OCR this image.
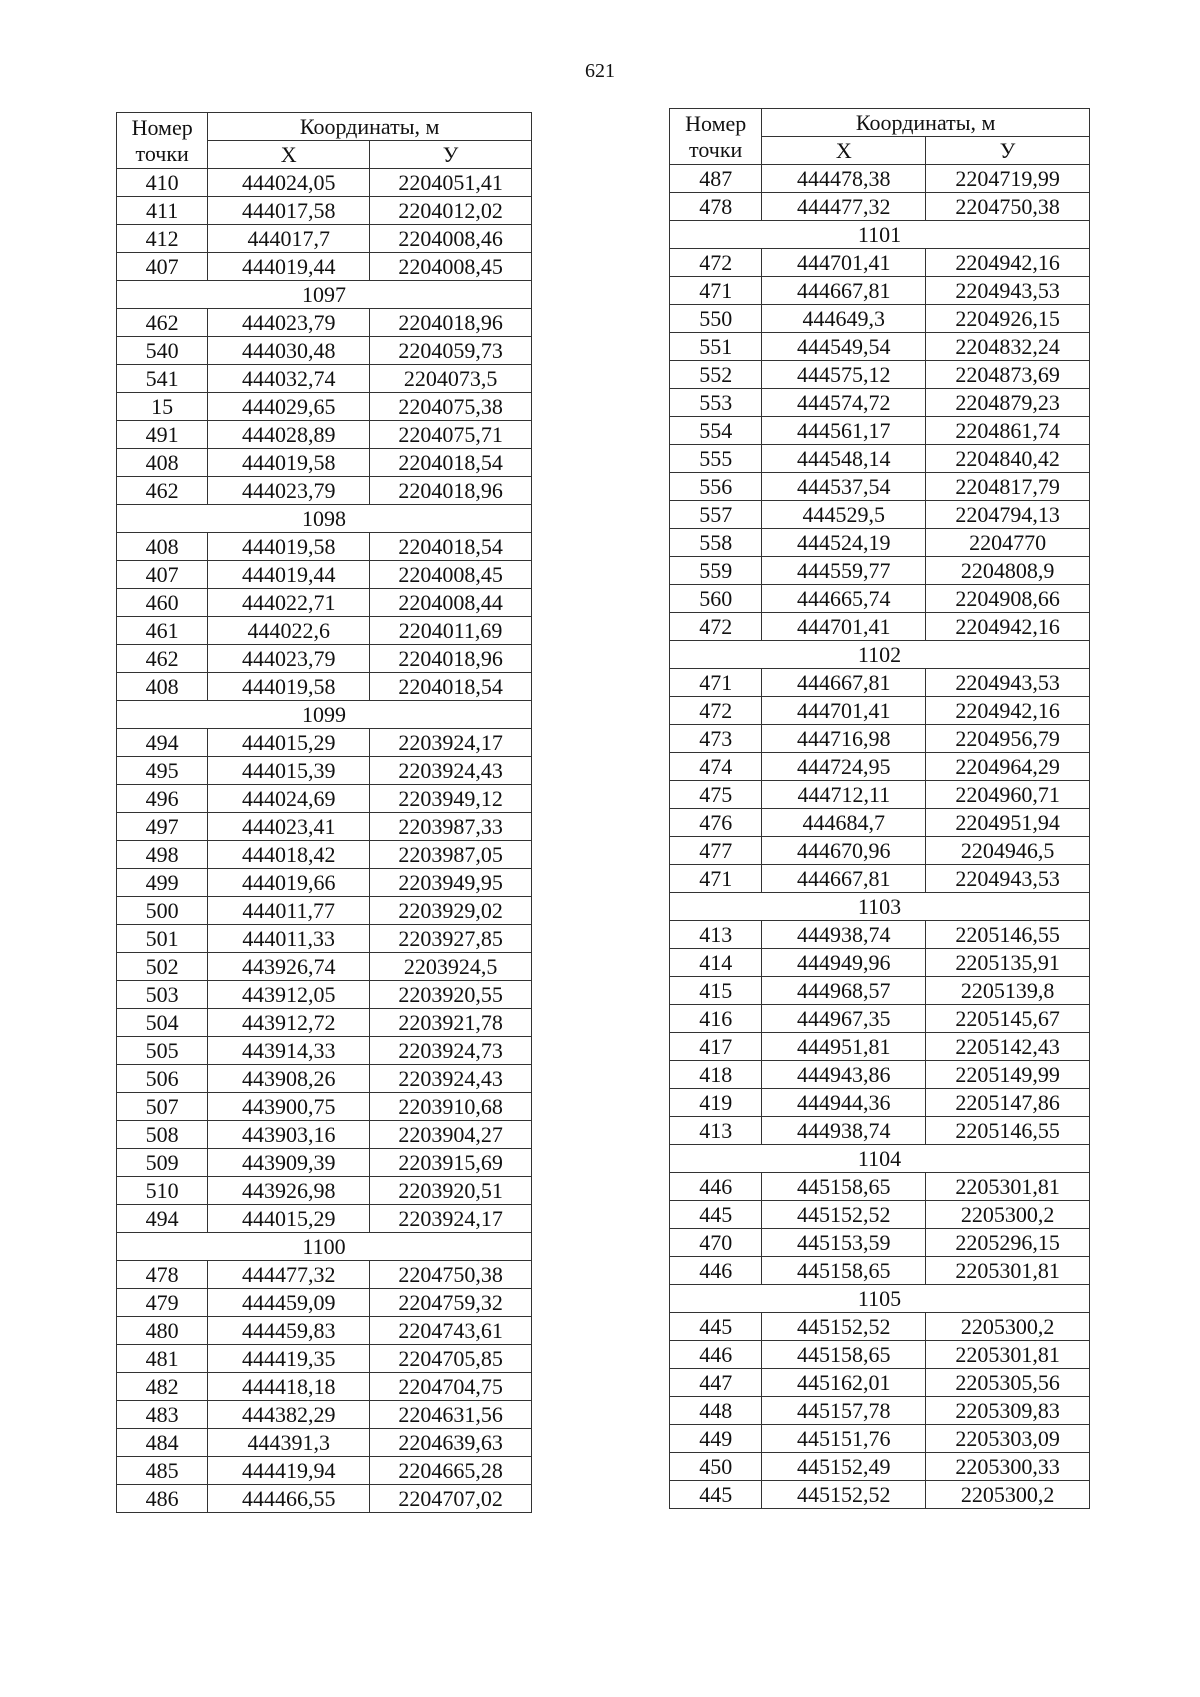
621
Номер точки	Координаты, м	
	Х	У
410	444024,05	2204051,41
411	444017,58	2204012,02
412	444017,7	2204008,46
407	444019,44	2204008,45
1097		
462	444023,79	2204018,96
540	444030,48	2204059,73
541	444032,74	2204073,5
15	444029,65	2204075,38
491	444028,89	2204075,71
408	444019,58	2204018,54
462	444023,79	2204018,96
1098		
408	444019,58	2204018,54
407	444019,44	2204008,45
460	444022,71	2204008,44
461	444022,6	2204011,69
462	444023,79	2204018,96
408	444019,58	2204018,54
1099		
494	444015,29	2203924,17
495	444015,39	2203924,43
496	444024,69	2203949,12
497	444023,41	2203987,33
498	444018,42	2203987,05
499	444019,66	2203949,95
500	444011,77	2203929,02
501	444011,33	2203927,85
502	443926,74	2203924,5
503	443912,05	2203920,55
504	443912,72	2203921,78
505	443914,33	2203924,73
506	443908,26	2203924,43
507	443900,75	2203910,68
508	443903,16	2203904,27
509	443909,39	2203915,69
510	443926,98	2203920,51
494	444015,29	2203924,17
1100		
478	444477,32	2204750,38
479	444459,09	2204759,32
480	444459,83	2204743,61
481	444419,35	2204705,85
482	444418,18	2204704,75
483	444382,29	2204631,56
484	444391,3	2204639,63
485	444419,94	2204665,28
486	444466,55	2204707,02
Номер точки	Координаты, м	
	Х	У
487	444478,38	2204719,99
478	444477,32	2204750,38
1101		
472	444701,41	2204942,16
471	444667,81	2204943,53
550	444649,3	2204926,15
551	444549,54	2204832,24
552	444575,12	2204873,69
553	444574,72	2204879,23
554	444561,17	2204861,74
555	444548,14	2204840,42
556	444537,54	2204817,79
557	444529,5	2204794,13
558	444524,19	2204770
559	444559,77	2204808,9
560	444665,74	2204908,66
472	444701,41	2204942,16
1102		
471	444667,81	2204943,53
472	444701,41	2204942,16
473	444716,98	2204956,79
474	444724,95	2204964,29
475	444712,11	2204960,71
476	444684,7	2204951,94
477	444670,96	2204946,5
471	444667,81	2204943,53
1103		
413	444938,74	2205146,55
414	444949,96	2205135,91
415	444968,57	2205139,8
416	444967,35	2205145,67
417	444951,81	2205142,43
418	444943,86	2205149,99
419	444944,36	2205147,86
413	444938,74	2205146,55
1104		
446	445158,65	2205301,81
445	445152,52	2205300,2
470	445153,59	2205296,15
446	445158,65	2205301,81
1105		
445	445152,52	2205300,2
446	445158,65	2205301,81
447	445162,01	2205305,56
448	445157,78	2205309,83
449	445151,76	2205303,09
450	445152,49	2205300,33
445	445152,52	2205300,2
